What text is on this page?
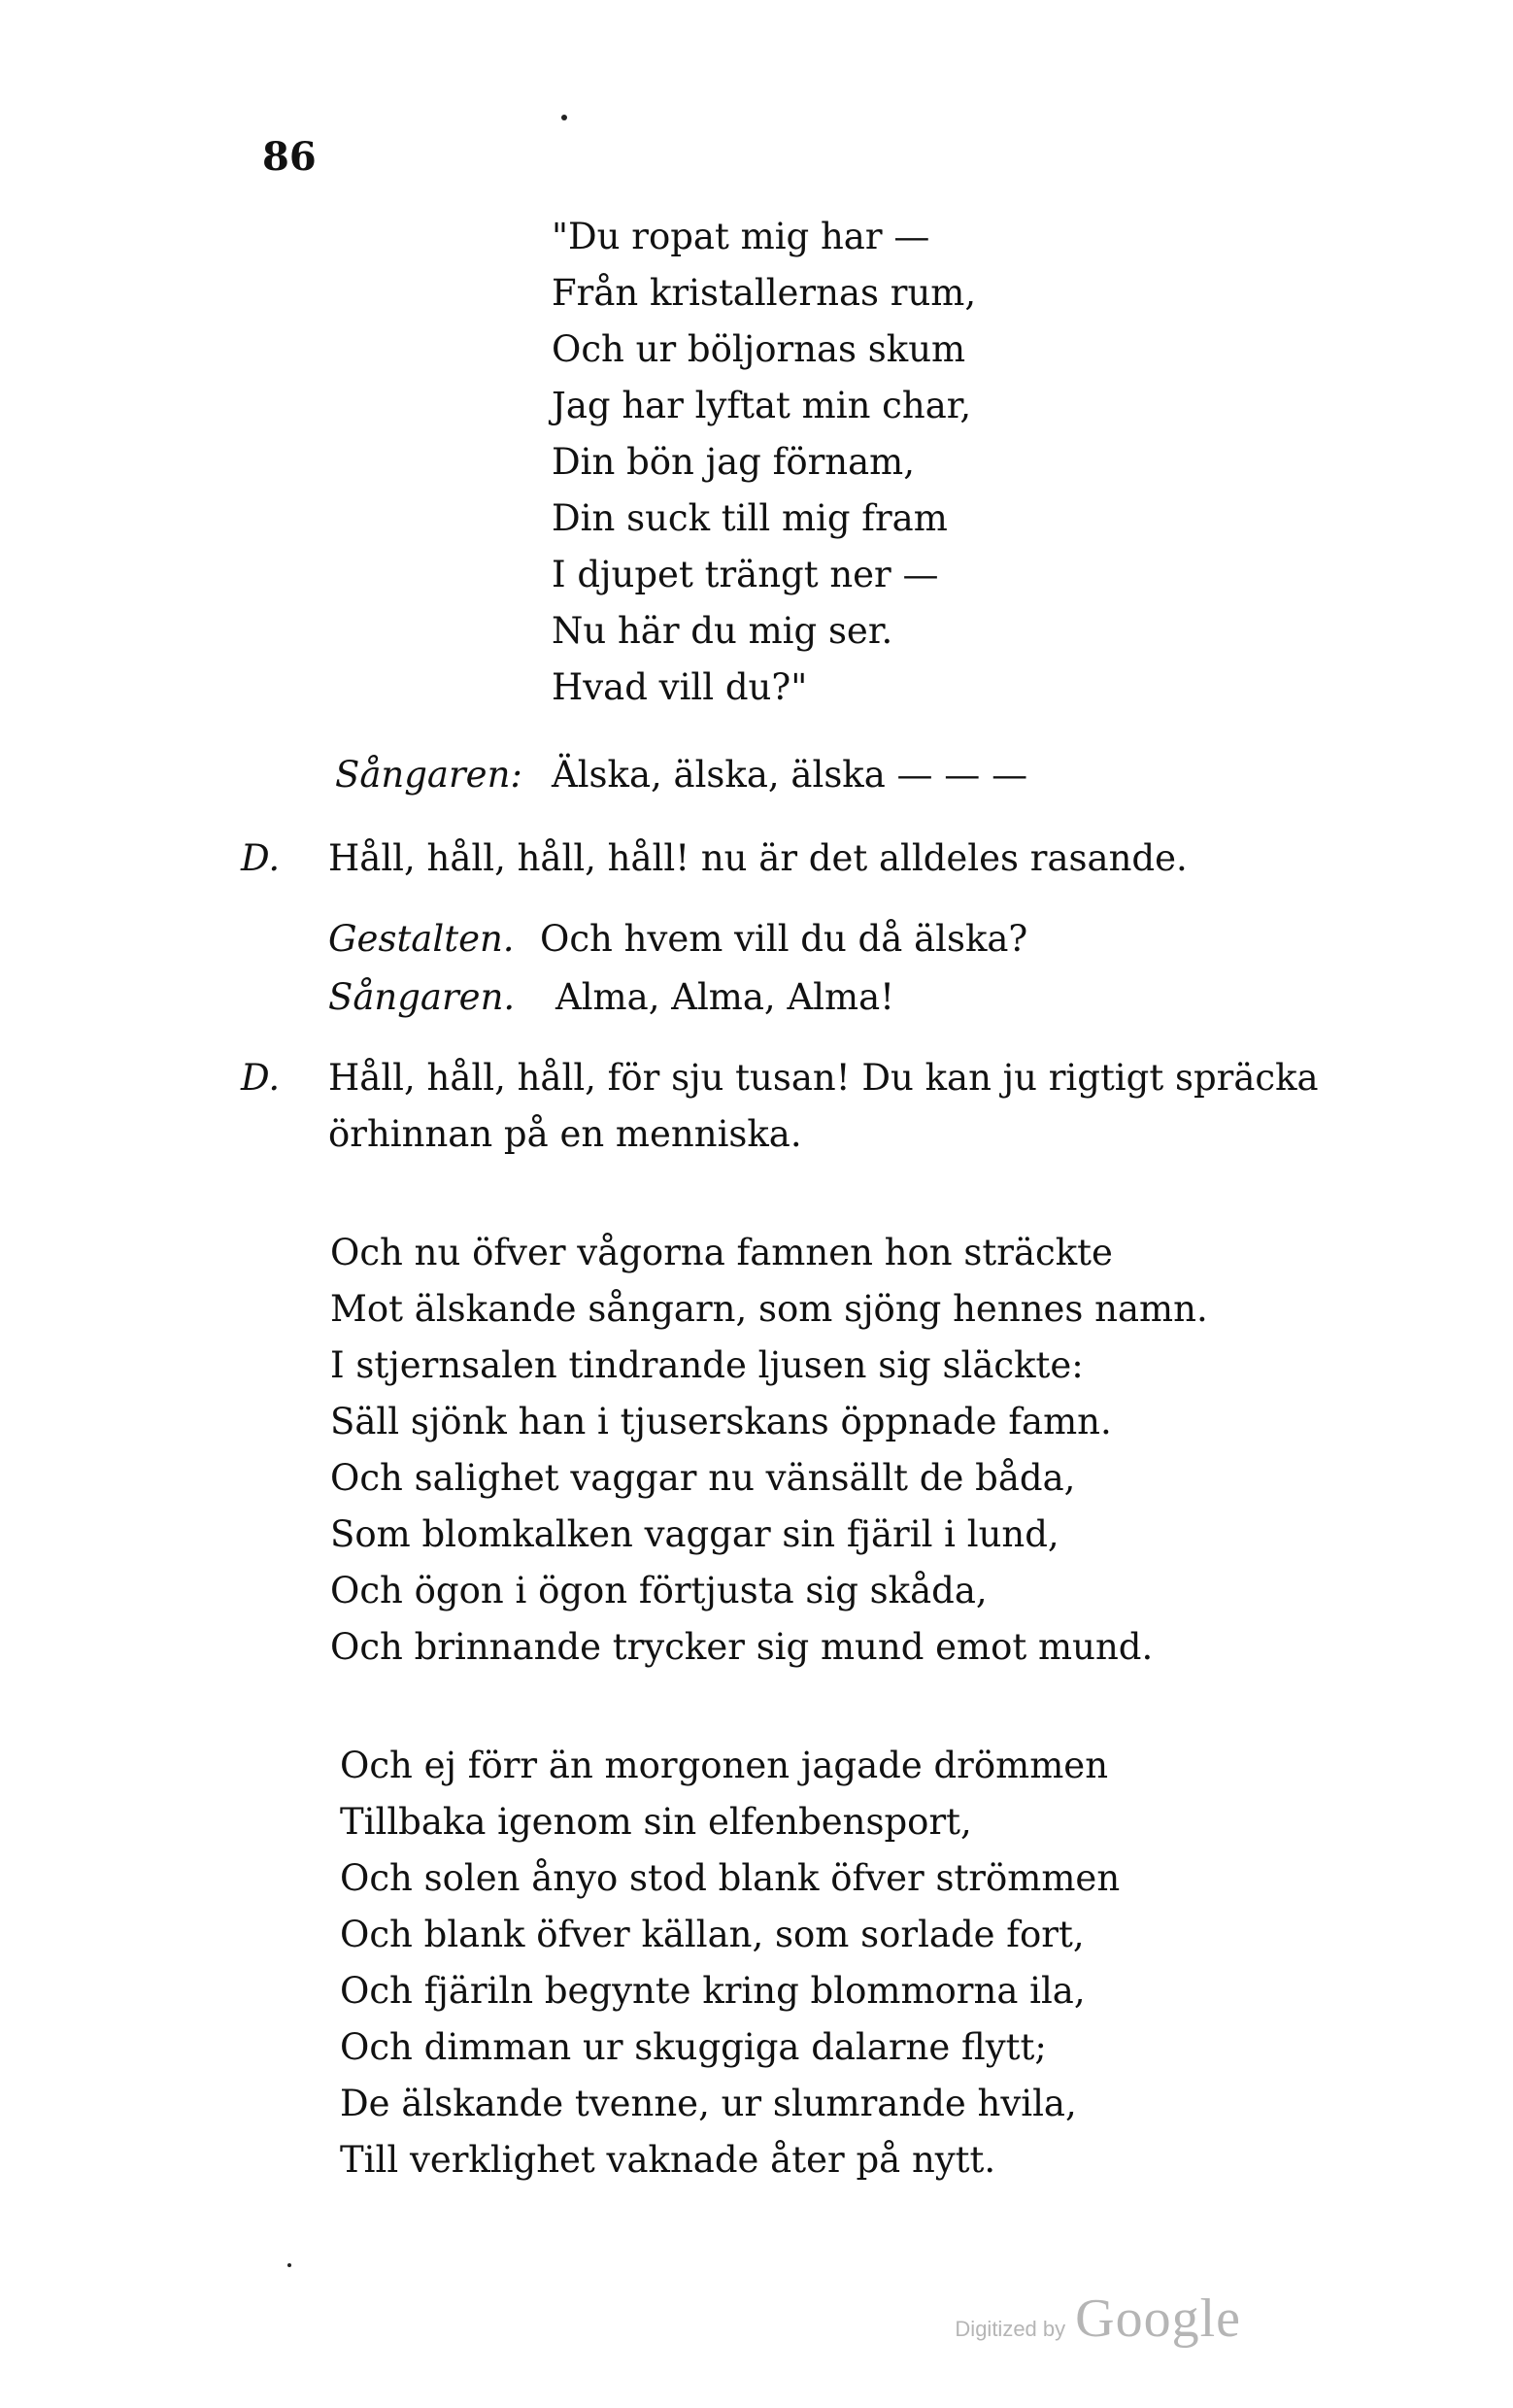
86
"Du ropat mig har —
Från kristallernas rum,
Och ur böljornas skum
Jag har lyftat min char,
Din bön jag förnam,
Din suck till mig fram
I djupet trängt ner —
Nu här du mig ser.
Hvad vill du?"
Sångaren: Älska, älska, älska — — —
D. Håll, håll, håll, håll! nu är det alldeles rasande.
Gestalten. Och hvem vill du då älska?
Sångaren. Alma, Alma, Alma!
D. Håll, håll, håll, för sju tusan! Du kan ju rigtigt spräcka
örhinnan på en menniska.
Och nu öfver vågorna famnen hon sträckte
Mot älskande sångarn, som sjöng hennes namn.
I stjernsalen tindrande ljusen sig släckte:
Säll sjönk han i tjuserskans öppnade famn.
Och salighet vaggar nu vänsällt de båda,
Som blomkalken vaggar sin fjäril i lund,
Och ögon i ögon förtjusta sig skåda,
Och brinnande trycker sig mund emot mund.
Och ej förr än morgonen jagade drömmen
Tillbaka igenom sin elfenbensport,
Och solen ånyo stod blank öfver strömmen
Och blank öfver källan, som sorlade fort,
Och fjäriln begynte kring blommorna ila,
Och dimman ur skuggiga dalarne flytt;
De älskande tvenne, ur slumrande hvila,
Till verklighet vaknade åter på nytt.
Digitized by Google
